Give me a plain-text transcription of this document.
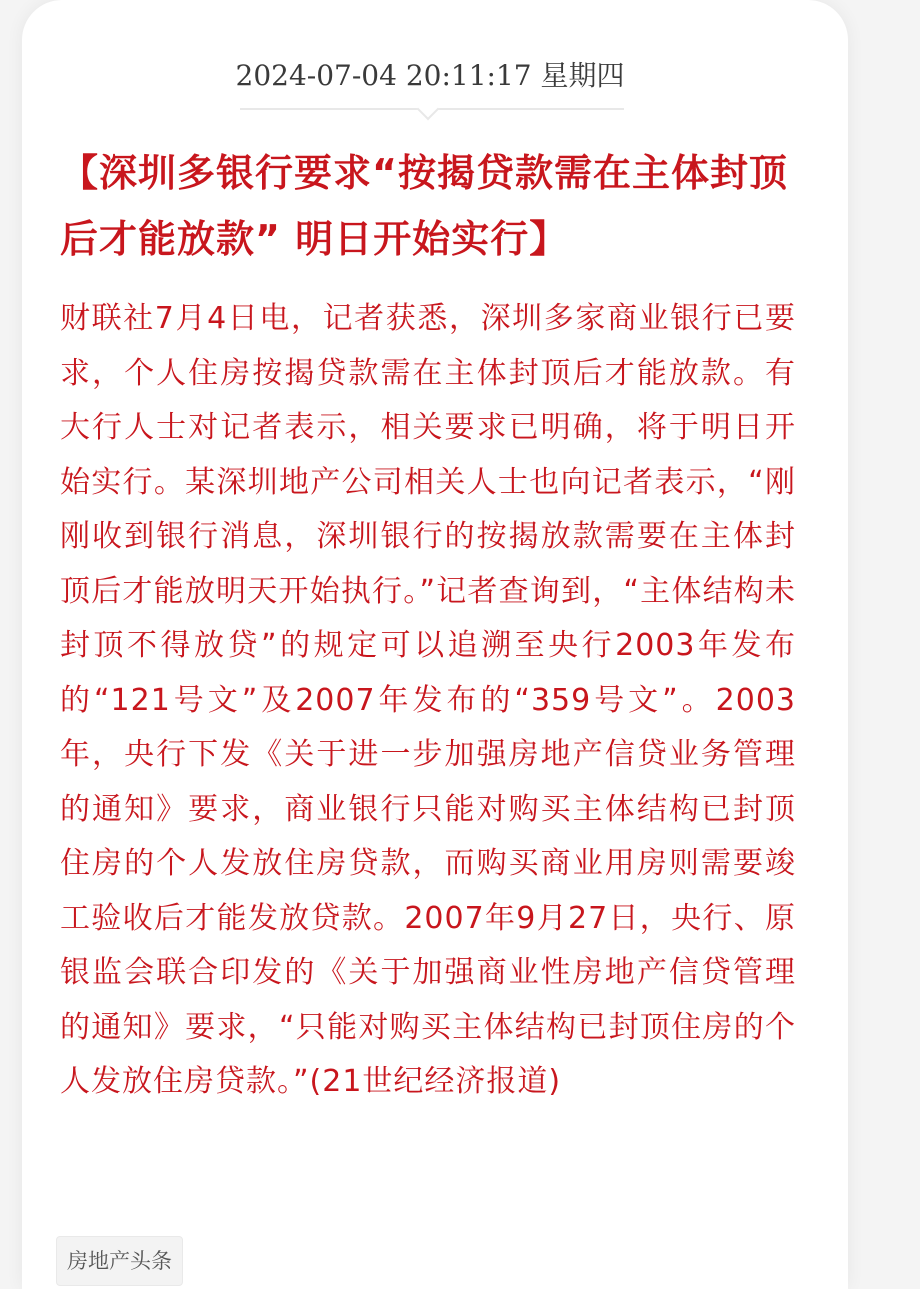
2024-07-04 20:11:17 星期四
【深圳多银行要求“按揭贷款需在主体封顶后才能放款” 明日开始实行】

财联社7月4日电，记者获悉，深圳多家商业银行已要求，个人住房按揭贷款需在主体封顶后才能放款。有大行人士对记者表示，相关要求已明确，将于明日开始实行。某深圳地产公司相关人士也向记者表示，“刚刚收到银行消息，深圳银行的按揭放款需要在主体封顶后才能放明天开始执行。”记者查询到，“主体结构未封顶不得放贷”的规定可以追溯至央行2003年发布的“121号文”及2007年发布的“359号文”。2003年，央行下发《关于进一步加强房地产信贷业务管理的通知》要求，商业银行只能对购买主体结构已封顶住房的个人发放住房贷款，而购买商业用房则需要竣工验收后才能发放贷款。2007年9月27日，央行、原银监会联合印发的《关于加强商业性房地产信贷管理的通知》要求，“只能对购买主体结构已封顶住房的个人发放住房贷款。”(21世纪经济报道)

房地产头条
